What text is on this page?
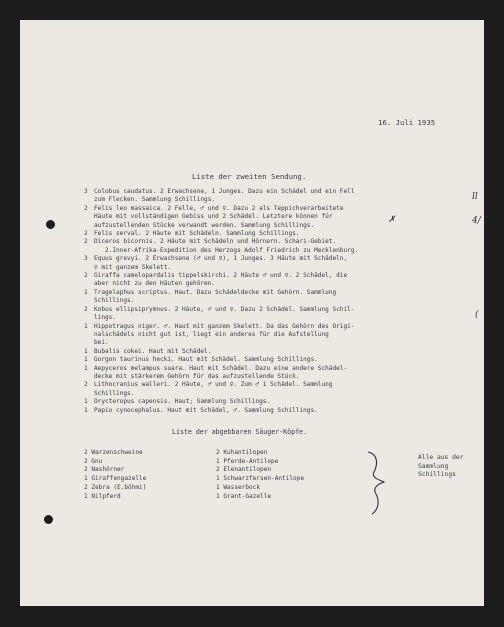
16. Juli 1935
Liste der zweiten Sendung.
3	Colobus caudatus. 2 Erwachsene, 1 Junges. Dazu ein Schädel und ein Fell
zum Flecken. Sammlung Schillings.
2	Felis leo massaica. 2 Felle, ♂ und ♀. Dazu 2 als Teppichverarbeitete
Häute mit vollständigen Gebiss und 2 Schädel. Letztere können für
aufzustellenden Stücke verwandt werden. Sammlung Schillings.
2	Felis serval. 2 Häute mit Schädeln. Sammlung Schillings.
2	Diceros bicornis. 2 Häute mit Schädeln und Hörnern. Schari-Gebiet.
2.Inner-Afrika-Expedition des Herzogs Adolf Friedrich zu Mecklenburg.
3	Equus grevyi. 2 Erwachsene (♂ und ♀), 1 Junges. 3 Häute mit Schädeln,
♀ mit ganzem Skelett.
2	Giraffa camelopardalis tippelskirchi. 2 Häute ♂ und ♀. 2 Schädel, die
aber nicht zu den Häuten gehören.
1	Tragelaphus scriptus. Haut. Dazu Schädeldecke mit Gehörn. Sammlung
Schillings.
2	Kobus ellipsiprymnus. 2 Häute, ♂ und ♀. Dazu 2 Schädel. Sammlung Schil-
lings.
1	Hippotragus niger. ♂. Haut mit ganzem Skelett. Da das Gehörn des Origi-
nalschädels nicht gut ist, liegt ein anderes für die Aufstellung
bei.
1	Bubalis cokei. Haut mit Schädel.
1	Gorgon taurinus hecki. Haut mit Schädel. Sammlung Schillings.
1	Aepyceros melampus suara. Haut mit Schädel. Dazu eine andere Schädel-
decke mit stärkerem Gehörn für das aufzustellende Stück.
2	Lithocranius walleri. 2 Häute, ♂ und ♀. Zum ♂ 1 Schädel. Sammlung
Schillings.
1	Orycteropus capensis. Haut; Sammlung Schillings.
1	Papio cynocephalus. Haut mit Schädel, ♂. Sammlung Schillings.
Liste der abgebbaren Säuger-Köpfe.
2 Warzenschweine
2 Gnu
2 Nashörner
1 Giraffengazelle
2 Zebra (E.böhmi)
1 Nilpferd
2 Kuhantilopen
1 Pferde-Antilope
2 Elenantilopen
1 Schwarzfersen-Antilope
1 Wasserbock
1 Grant-Gazelle
Alle aus der
Sammlung
Schillings
ll
4/
(
✗
